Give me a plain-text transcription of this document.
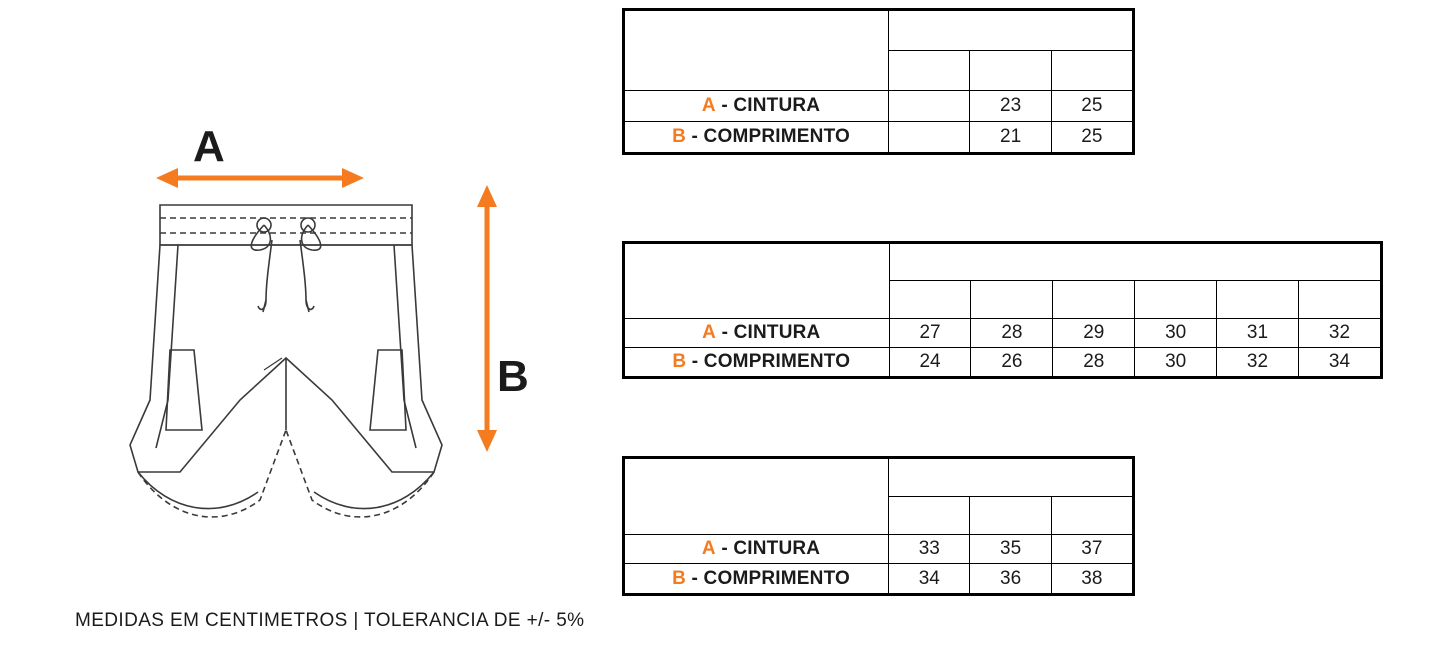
A
B
SHORTS CONFORT TECH
FEMININO L/C	INFANTIL		
		2	4
A - CINTURA		23	25
B - COMPRIMENTO		21	25
SHORTS CONFORT TECH
FEMININO L/C	FUNDAMENTAL					
	6	8	10	12	14	16
A - CINTURA	27	28	29	30	31	32
B - COMPRIMENTO	24	26	28	30	32	34
SHORTS CONFORT TECH
FEMININO L/C	ENSINO MÉDIO		
	P	M	G
A - CINTURA	33	35	37
B - COMPRIMENTO	34	36	38
MEDIDAS EM CENTIMETROS | TOLERANCIA DE +/- 5%
